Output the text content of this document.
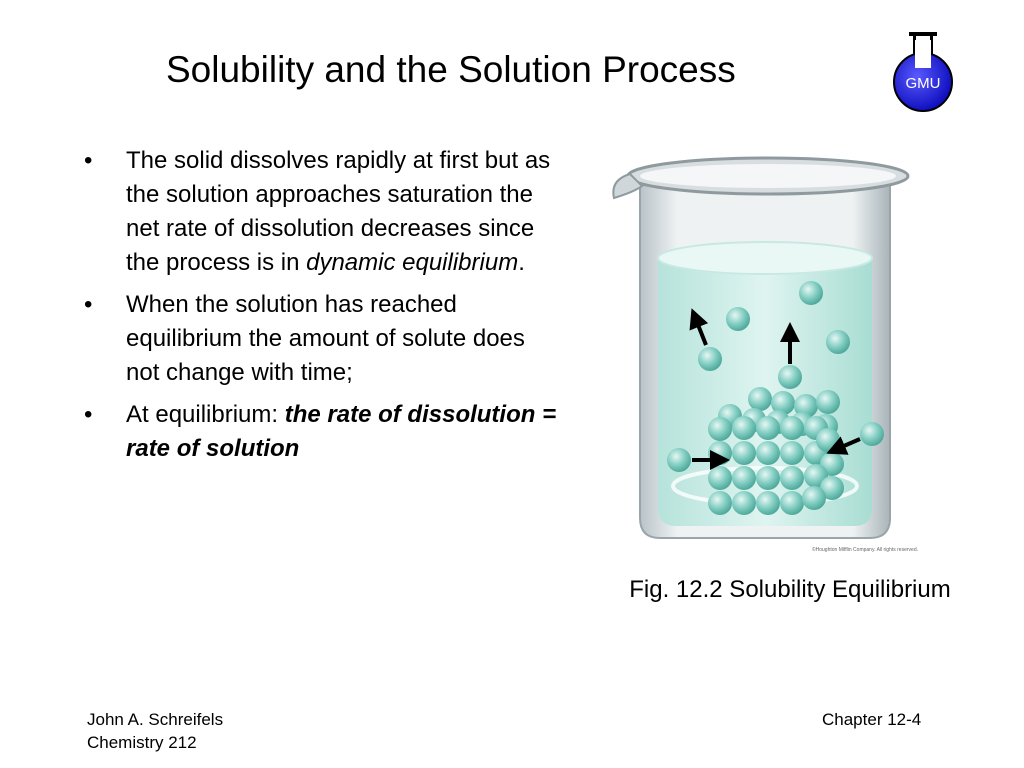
Solubility and the Solution Process	GMU
•	The solid dissolves rapidly at first but as the solution approaches saturation the net rate of dissolution decreases since the process is in dynamic equilibrium.
•	When the solution has reached equilibrium the amount of solute does not change with time;
•	At equilibrium: the rate of dissolution = rate of solution
©Houghton Mifflin Company. All rights reserved.
Fig. 12.2 Solubility Equilibrium
John A. Schreifels
Chemistry 212
Chapter 12-4
